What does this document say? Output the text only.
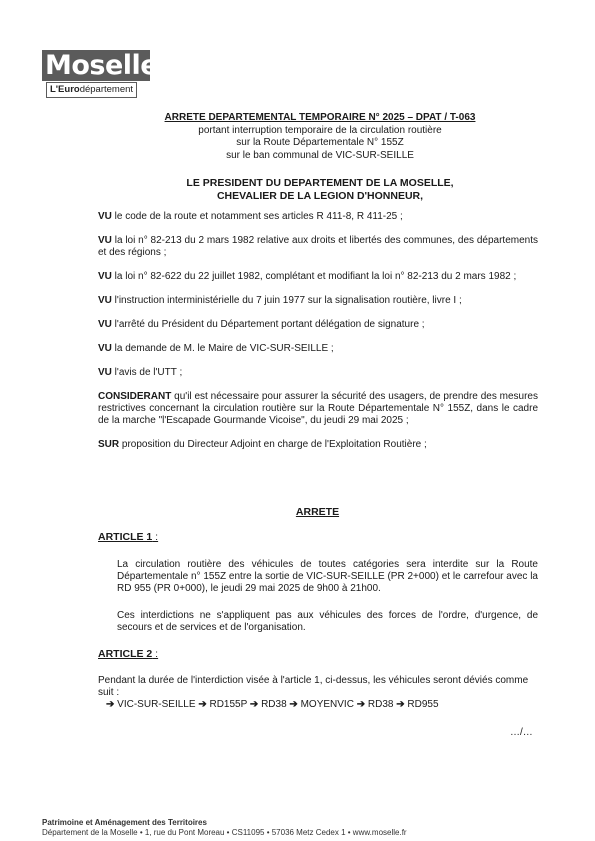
Moselle
L'Eurodépartement
ARRETE DEPARTEMENTAL TEMPORAIRE N° 2025 – DPAT / T-063
portant interruption temporaire de la circulation routière
sur la Route Départementale N° 155Z
sur le ban communal de VIC-SUR-SEILLE
LE PRESIDENT DU DEPARTEMENT DE LA MOSELLE,
CHEVALIER DE LA LEGION D'HONNEUR,

VU le code de la route et notamment ses articles R 411-8, R 411-25 ;

VU la loi n° 82-213 du 2 mars 1982 relative aux droits et libertés des communes, des départements et des régions ;

VU la loi n° 82-622 du 22 juillet 1982, complétant et modifiant la loi n° 82-213 du 2 mars 1982 ;

VU l'instruction interministérielle du 7 juin 1977 sur la signalisation routière, livre I ;

VU l'arrêté du Président du Département portant délégation de signature ;

VU la demande de M. le Maire de VIC-SUR-SEILLE ;

VU l'avis de l'UTT ;

CONSIDERANT qu'il est nécessaire pour assurer la sécurité des usagers, de prendre des mesures restrictives concernant la circulation routière sur la Route Départementale N° 155Z, dans le cadre de la marche "l'Escapade Gourmande Vicoise", du jeudi 29 mai 2025 ;

SUR proposition du Directeur Adjoint en charge de l'Exploitation Routière ;

ARRETE
ARTICLE 1 :
La circulation routière des véhicules de toutes catégories sera interdite sur la Route Départementale n° 155Z entre la sortie de VIC-SUR-SEILLE (PR 2+000) et le carrefour avec la RD 955 (PR 0+000), le jeudi 29 mai 2025 de 9h00 à 21h00.
Ces interdictions ne s'appliquent pas aux véhicules des forces de l'ordre, d'urgence, de secours et de services et de l'organisation.
ARTICLE 2 :
Pendant la durée de l'interdiction visée à l'article 1, ci-dessus, les véhicules seront déviés comme suit :
➔ VIC-SUR-SEILLE ➔ RD155P ➔ RD38 ➔ MOYENVIC ➔ RD38 ➔ RD955
…/…
Patrimoine et Aménagement des Territoires
Département de la Moselle • 1, rue du Pont Moreau • CS11095 • 57036 Metz Cedex 1 • www.moselle.fr
